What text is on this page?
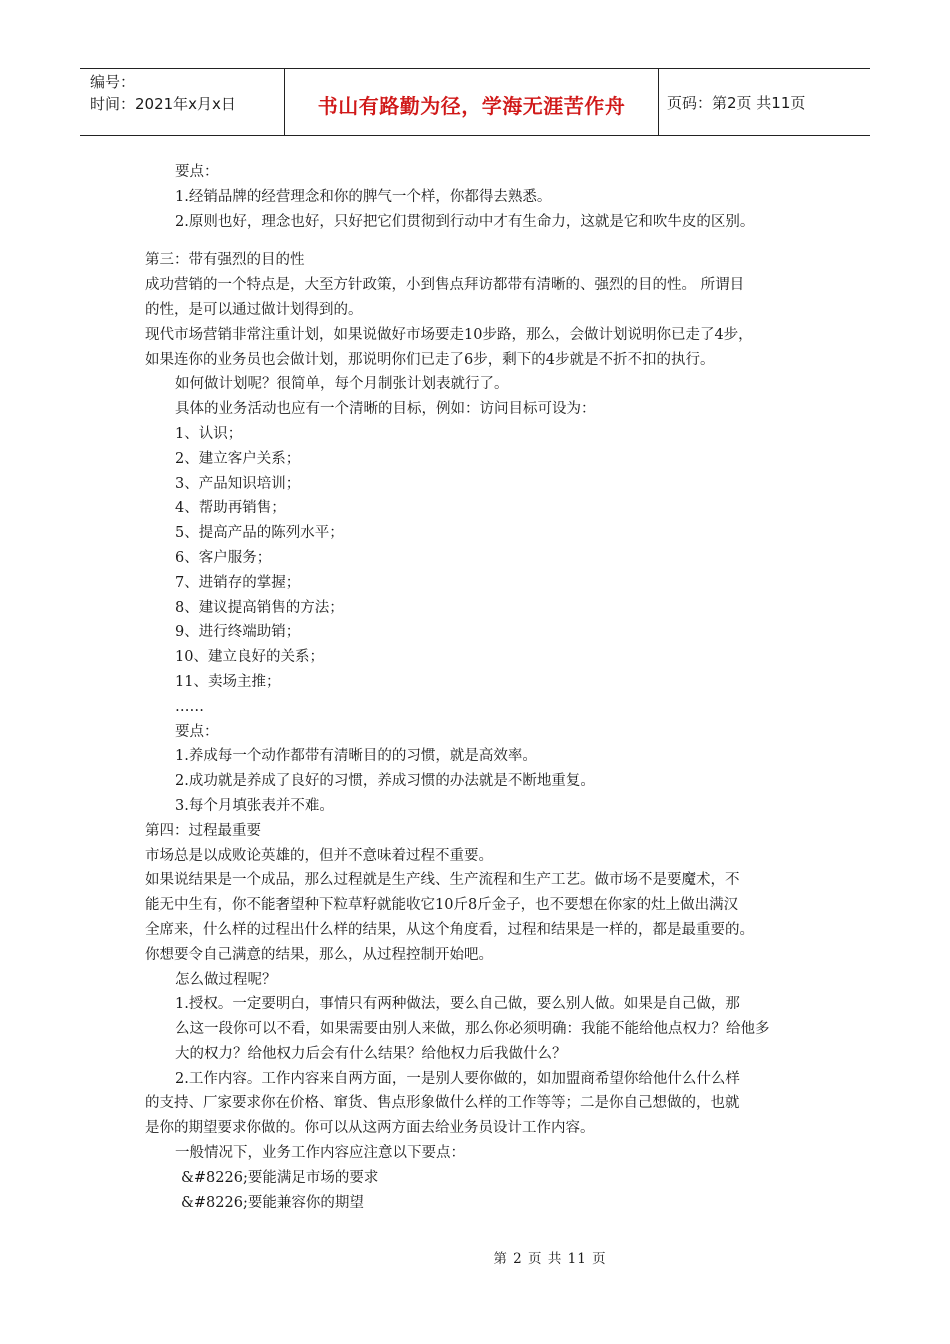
编号：
时间：2021年x月x日	书山有路勤为径，学海无涯苦作舟	页码：第2页 共11页

要点：

1.经销品牌的经营理念和你的脾气一个样，你都得去熟悉。

2.原则也好，理念也好，只好把它们贯彻到行动中才有生命力，这就是它和吹牛皮的区别。

第三：带有强烈的目的性

成功营销的一个特点是，大至方针政策，小到售点拜访都带有清晰的、强烈的目的性。 所谓目

的性，是可以通过做计划得到的。

现代市场营销非常注重计划，如果说做好市场要走10步路，那么，会做计划说明你已走了4步，

如果连你的业务员也会做计划，那说明你们已走了6步，剩下的4步就是不折不扣的执行。

如何做计划呢？很简单，每个月制张计划表就行了。

具体的业务活动也应有一个清晰的目标，例如：访问目标可设为：

1、认识；

2、建立客户关系；

3、产品知识培训；

4、帮助再销售；

5、提高产品的陈列水平；

6、客户服务；

7、进销存的掌握；

8、建议提高销售的方法；

9、进行终端助销；

10、建立良好的关系；

11、卖场主推；

……

要点：

1.养成每一个动作都带有清晰目的的习惯，就是高效率。

2.成功就是养成了良好的习惯，养成习惯的办法就是不断地重复。

3.每个月填张表并不难。

第四：过程最重要

市场总是以成败论英雄的，但并不意味着过程不重要。

如果说结果是一个成品，那么过程就是生产线、生产流程和生产工艺。做市场不是要魔术，不

能无中生有，你不能奢望种下粒草籽就能收它10斤8斤金子，也不要想在你家的灶上做出满汉

全席来，什么样的过程出什么样的结果，从这个角度看，过程和结果是一样的，都是最重要的。

你想要令自己满意的结果，那么，从过程控制开始吧。

怎么做过程呢？

1.授权。一定要明白，事情只有两种做法，要么自己做，要么别人做。如果是自己做，那

么这一段你可以不看，如果需要由别人来做，那么你必须明确：我能不能给他点权力？给他多

大的权力？给他权力后会有什么结果？给他权力后我做什么？

2.工作内容。工作内容来自两方面，一是别人要你做的，如加盟商希望你给他什么什么样

的支持、厂家要求你在价格、窜货、售点形象做什么样的工作等等；二是你自己想做的，也就

是你的期望要求你做的。你可以从这两方面去给业务员设计工作内容。

一般情况下，业务工作内容应注意以下要点：

&#8226;要能满足市场的要求

&#8226;要能兼容你的期望

第 2 页 共 11 页
